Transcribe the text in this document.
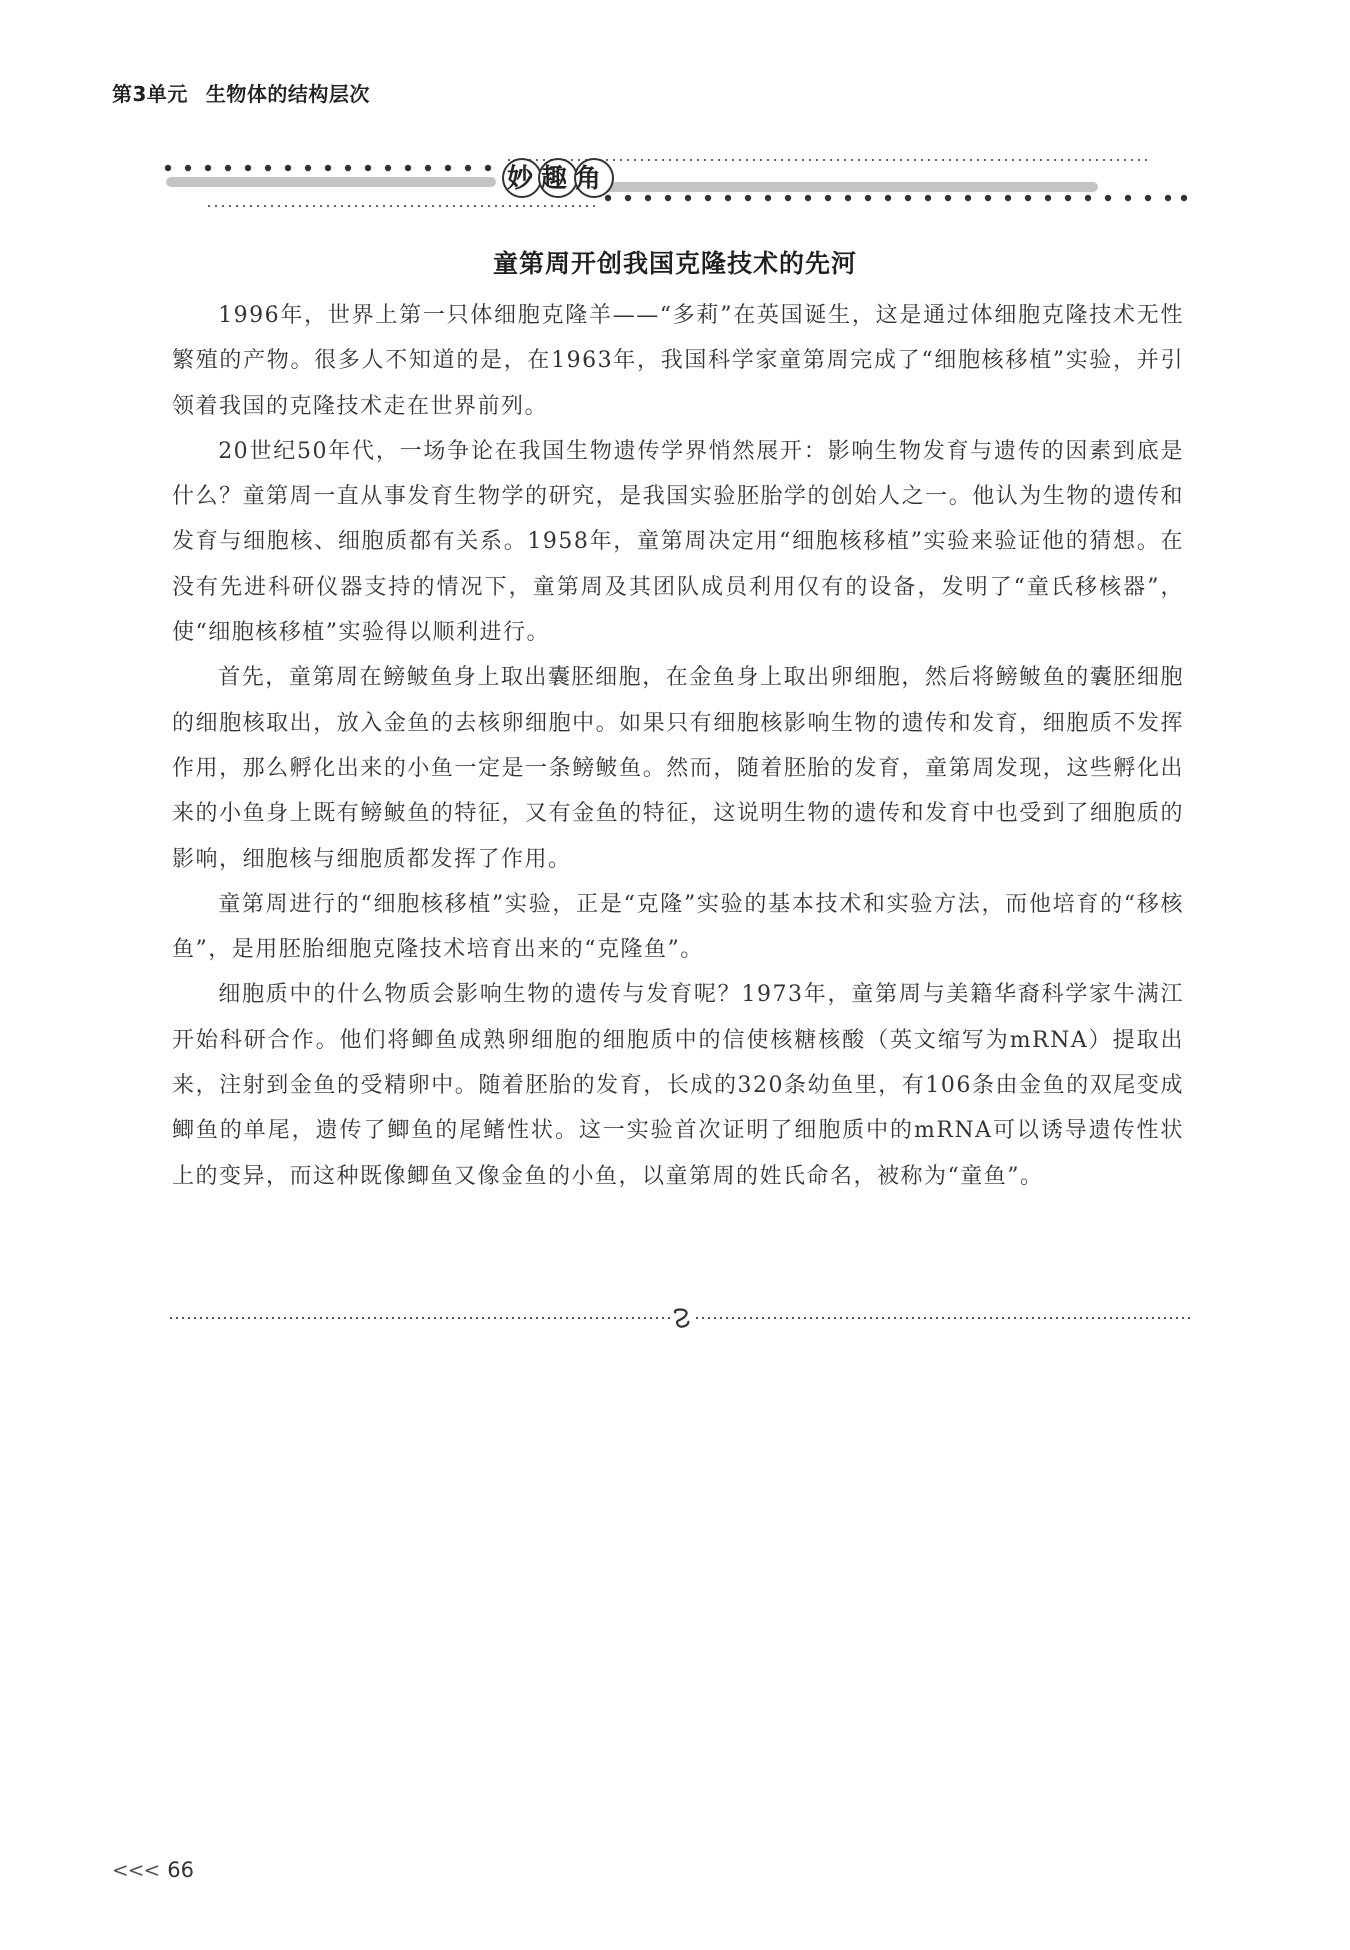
第3单元 生物体的结构层次
妙趣角
童第周开创我国克隆技术的先河

1996年，世界上第一只体细胞克隆羊——“多莉”在英国诞生，这是通过体细胞克隆技术无性繁殖的产物。很多人不知道的是，在1963年，我国科学家童第周完成了“细胞核移植”实验，并引领着我国的克隆技术走在世界前列。

20世纪50年代，一场争论在我国生物遗传学界悄然展开：影响生物发育与遗传的因素到底是什么？童第周一直从事发育生物学的研究，是我国实验胚胎学的创始人之一。他认为生物的遗传和发育与细胞核、细胞质都有关系。1958年，童第周决定用“细胞核移植”实验来验证他的猜想。在没有先进科研仪器支持的情况下，童第周及其团队成员利用仅有的设备，发明了“童氏移核器”，使“细胞核移植”实验得以顺利进行。

首先，童第周在鳑鲏鱼身上取出囊胚细胞，在金鱼身上取出卵细胞，然后将鳑鲏鱼的囊胚细胞的细胞核取出，放入金鱼的去核卵细胞中。如果只有细胞核影响生物的遗传和发育，细胞质不发挥作用，那么孵化出来的小鱼一定是一条鳑鲏鱼。然而，随着胚胎的发育，童第周发现，这些孵化出来的小鱼身上既有鳑鲏鱼的特征，又有金鱼的特征，这说明生物的遗传和发育中也受到了细胞质的影响，细胞核与细胞质都发挥了作用。

童第周进行的“细胞核移植”实验，正是“克隆”实验的基本技术和实验方法，而他培育的“移核鱼”，是用胚胎细胞克隆技术培育出来的“克隆鱼”。

细胞质中的什么物质会影响生物的遗传与发育呢？1973年，童第周与美籍华裔科学家牛满江开始科研合作。他们将鲫鱼成熟卵细胞的细胞质中的信使核糖核酸（英文缩写为mRNA）提取出来，注射到金鱼的受精卵中。随着胚胎的发育，长成的320条幼鱼里，有106条由金鱼的双尾变成鲫鱼的单尾，遗传了鲫鱼的尾鳍性状。这一实验首次证明了细胞质中的mRNA可以诱导遗传性状上的变异，而这种既像鲫鱼又像金鱼的小鱼，以童第周的姓氏命名，被称为“童鱼”。

<<< 66
